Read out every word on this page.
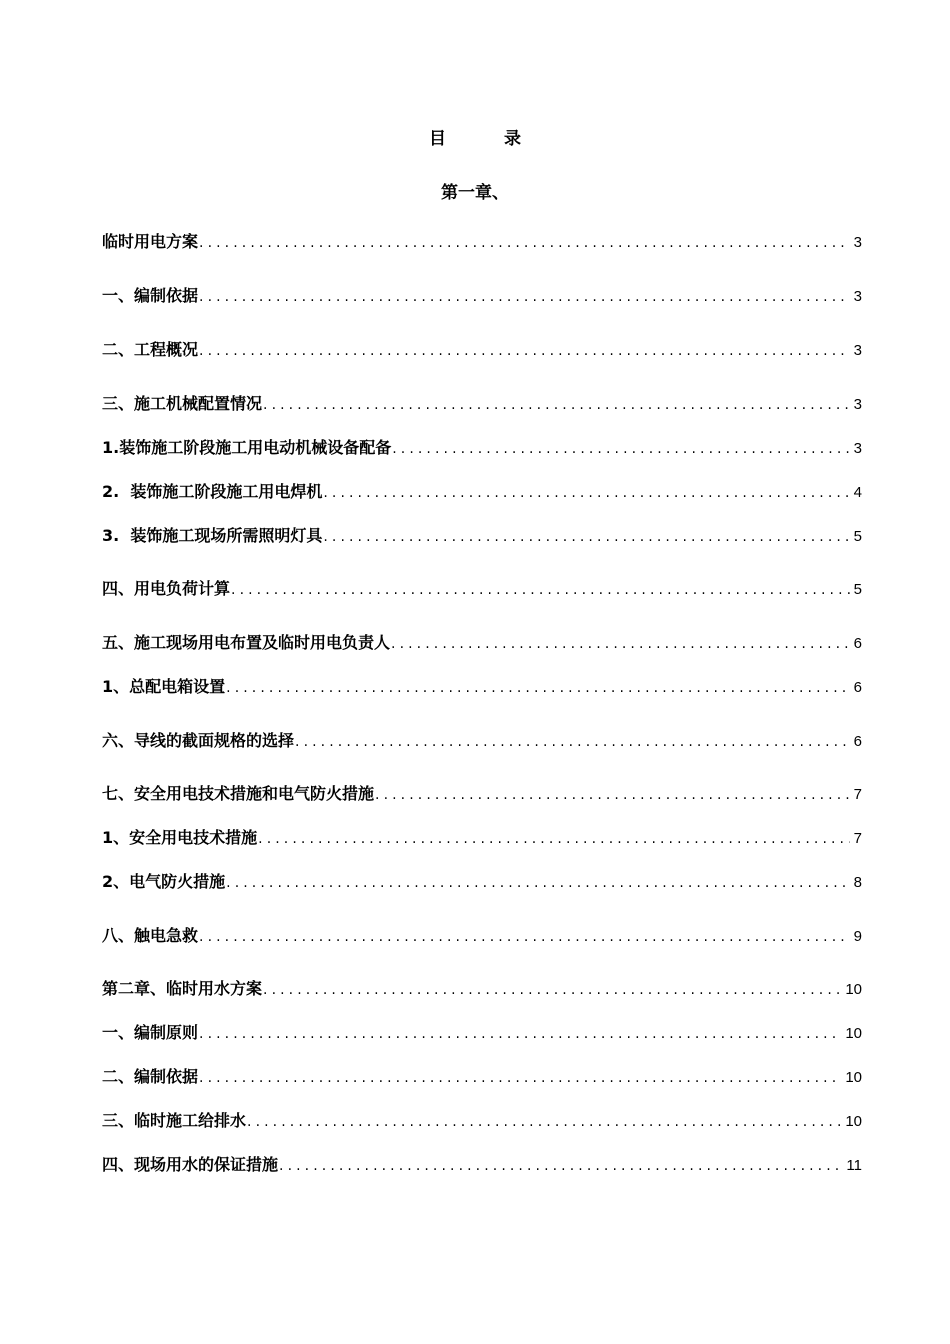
目 录
第一章、
临时用电方案 .....	3
一、编制依据 .....	3
二、工程概况 .....	3
三、施工机械配置情况 .....	3
1.装饰施工阶段施工用电动机械设备配备 .....	3
2.  装饰施工阶段施工用电焊机 .....	4
3.  装饰施工现场所需照明灯具 .....	5
四、用电负荷计算 .....	5
五、施工现场用电布置及临时用电负责人 .....	6
1、总配电箱设置 .....	6
六、导线的截面规格的选择 .....	6
七、安全用电技术措施和电气防火措施 .....	7
1、安全用电技术措施 .....	7
2、电气防火措施 .....	8
八、触电急救 .....	9
第二章、临时用水方案 .....	10
一、编制原则 .....	10
二、编制依据 .....	10
三、临时施工给排水 .....	10
四、现场用水的保证措施 .....	11
